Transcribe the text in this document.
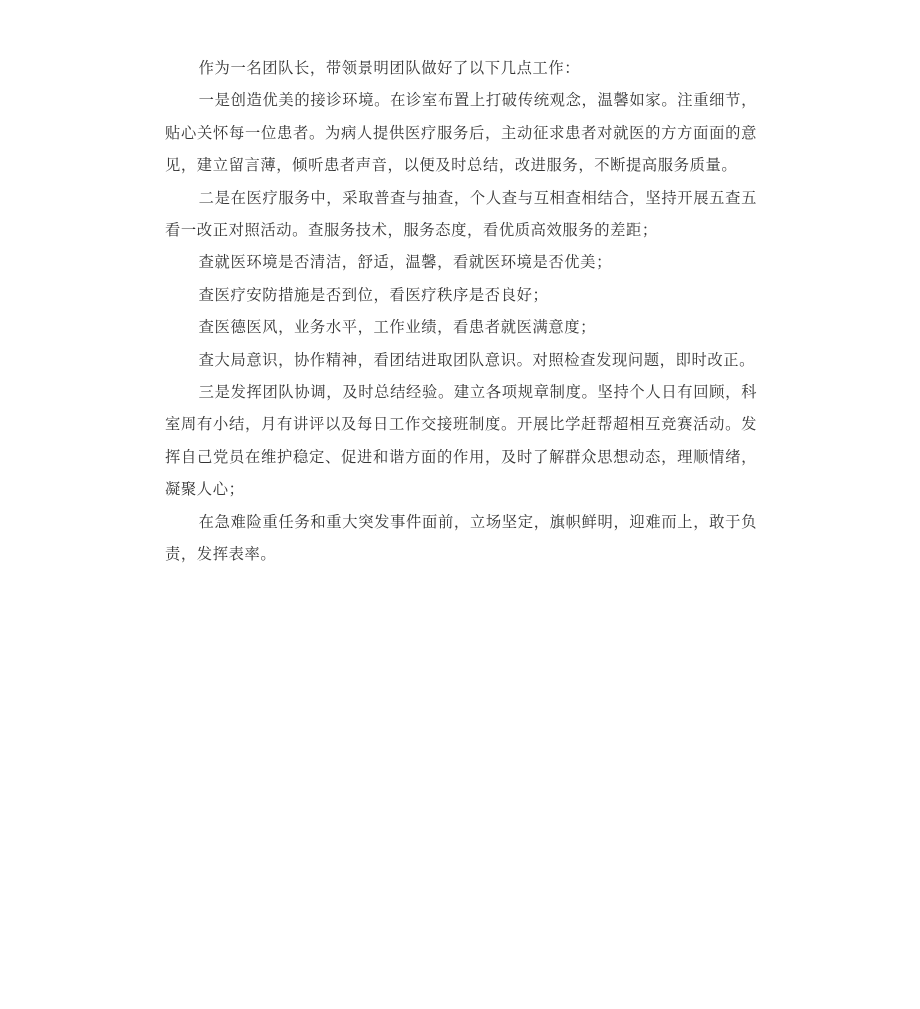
作为一名团队长，带领景明团队做好了以下几点工作：

一是创造优美的接诊环境。在诊室布置上打破传统观念，温馨如家。注重细节，贴心关怀每一位患者。为病人提供医疗服务后，主动征求患者对就医的方方面面的意见，建立留言薄，倾听患者声音，以便及时总结，改进服务，不断提高服务质量。

二是在医疗服务中，采取普查与抽查，个人查与互相查相结合，坚持开展五查五看一改正对照活动。查服务技术，服务态度，看优质高效服务的差距；

查就医环境是否清洁，舒适，温馨，看就医环境是否优美；

查医疗安防措施是否到位，看医疗秩序是否良好；

查医德医风，业务水平，工作业绩，看患者就医满意度；

查大局意识，协作精神，看团结进取团队意识。对照检查发现问题，即时改正。

三是发挥团队协调，及时总结经验。建立各项规章制度。坚持个人日有回顾，科室周有小结，月有讲评以及每日工作交接班制度。开展比学赶帮超相互竞赛活动。发挥自己党员在维护稳定、促进和谐方面的作用，及时了解群众思想动态，理顺情绪，凝聚人心；

在急难险重任务和重大突发事件面前，立场坚定，旗帜鲜明，迎难而上，敢于负责，发挥表率。
